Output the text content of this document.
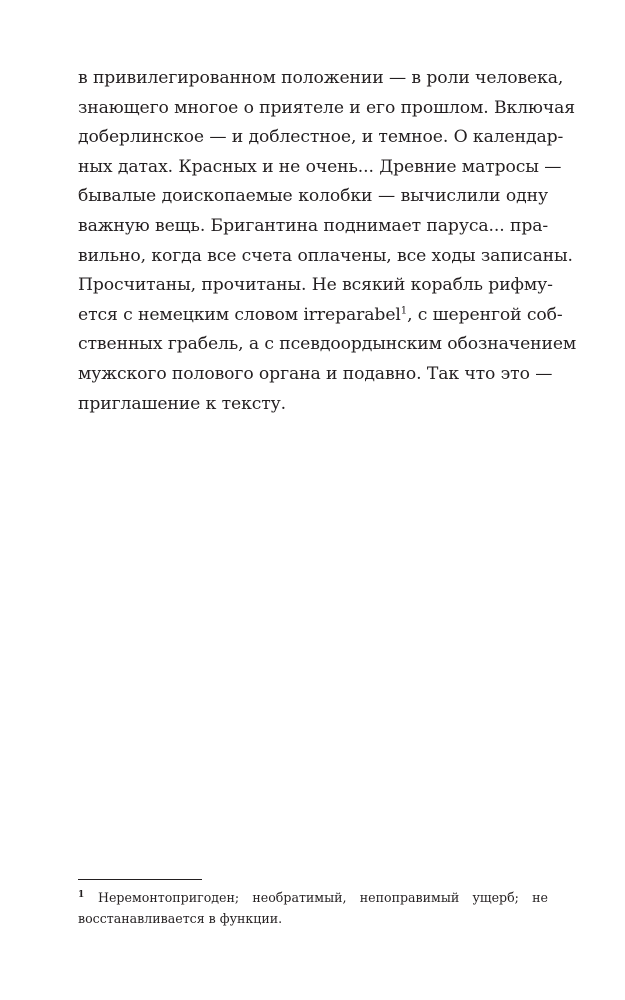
в привилегированном положении — в роли человека,
знающего многое о приятеле и его прошлом. Включая
доберлинское — и доблестное, и темное. О календар-
ных датах. Красных и не очень... Древние матросы —
бывалые доископаемые колобки — вычислили одну
важную вещь. Бригантина поднимает паруса... пра-
вильно, когда все счета оплачены, все ходы записаны.
Просчитаны, прочитаны. Не всякий корабль рифму-
ется с немецким словом irreparabel$^1$, с шеренгой соб-
ственных грабель, а с псевдоордынским обозначением
мужского полового органа и подавно. Так что это —
приглашение к тексту.
1 Неремонтопригоден; необратимый, непоправимый ущерб; не
восстанавливается в функции.
